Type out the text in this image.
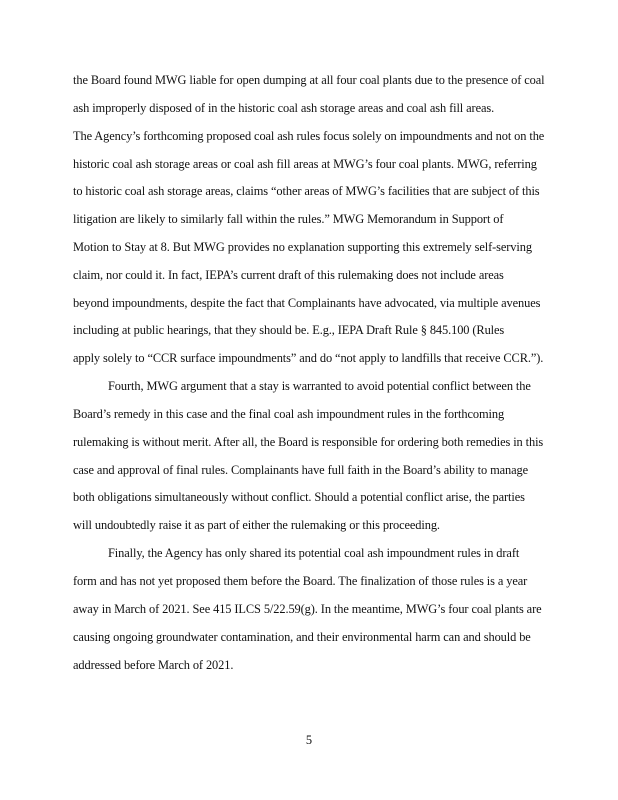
the Board found MWG liable for open dumping at all four coal plants due to the presence of coal
ash improperly disposed of in the historic coal ash storage areas and coal ash fill areas.
The Agency’s forthcoming proposed coal ash rules focus solely on impoundments and not on the
historic coal ash storage areas or coal ash fill areas at MWG’s four coal plants. MWG, referring
to historic coal ash storage areas, claims “other areas of MWG’s facilities that are subject of this
litigation are likely to similarly fall within the rules.” MWG Memorandum in Support of
Motion to Stay at 8. But MWG provides no explanation supporting this extremely self-serving
claim, nor could it. In fact, IEPA’s current draft of this rulemaking does not include areas
beyond impoundments, despite the fact that Complainants have advocated, via multiple avenues
including at public hearings, that they should be. E.g., IEPA Draft Rule § 845.100 (Rules
apply solely to “CCR surface impoundments” and do “not apply to landfills that receive CCR.”).
Fourth, MWG argument that a stay is warranted to avoid potential conflict between the
Board’s remedy in this case and the final coal ash impoundment rules in the forthcoming
rulemaking is without merit. After all, the Board is responsible for ordering both remedies in this
case and approval of final rules. Complainants have full faith in the Board’s ability to manage
both obligations simultaneously without conflict. Should a potential conflict arise, the parties
will undoubtedly raise it as part of either the rulemaking or this proceeding.
Finally, the Agency has only shared its potential coal ash impoundment rules in draft
form and has not yet proposed them before the Board. The finalization of those rules is a year
away in March of 2021. See 415 ILCS 5/22.59(g). In the meantime, MWG’s four coal plants are
causing ongoing groundwater contamination, and their environmental harm can and should be
addressed before March of 2021.
5
